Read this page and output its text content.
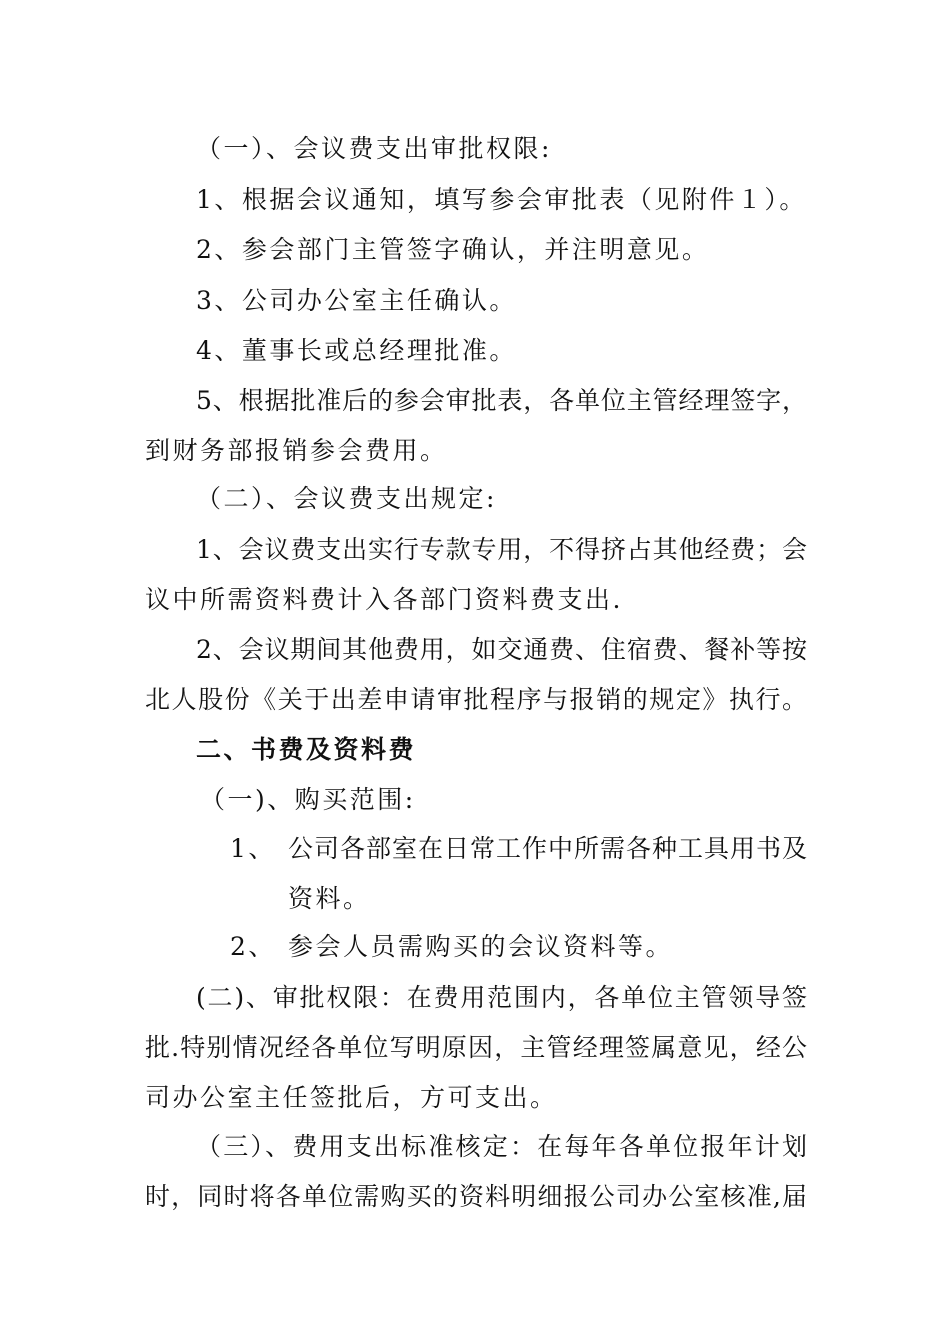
（一）、会议费支出审批权限:
1、根据会议通知，填写参会审批表（见附件１）。
2、参会部门主管签字确认，并注明意见。
3、公司办公室主任确认。
4、董事长或总经理批准。
5、根据批准后的参会审批表，各单位主管经理签字，
到财务部报销参会费用。
（二）、会议费支出规定:
1、会议费支出实行专款专用，不得挤占其他经费；会
议中所需资料费计入各部门资料费支出.
2、会议期间其他费用，如交通费、住宿费、餐补等按
北人股份《关于出差申请审批程序与报销的规定》执行。
二、书费及资料费
（一)、购买范围:
1、 公司各部室在日常工作中所需各种工具用书及
资料。
2、 参会人员需购买的会议资料等。
(二)、审批权限：在费用范围内，各单位主管领导签
批.特别情况经各单位写明原因，主管经理签属意见，经公
司办公室主任签批后，方可支出。
（三）、费用支出标准核定：在每年各单位报年计划
时，同时将各单位需购买的资料明细报公司办公室核准,届
